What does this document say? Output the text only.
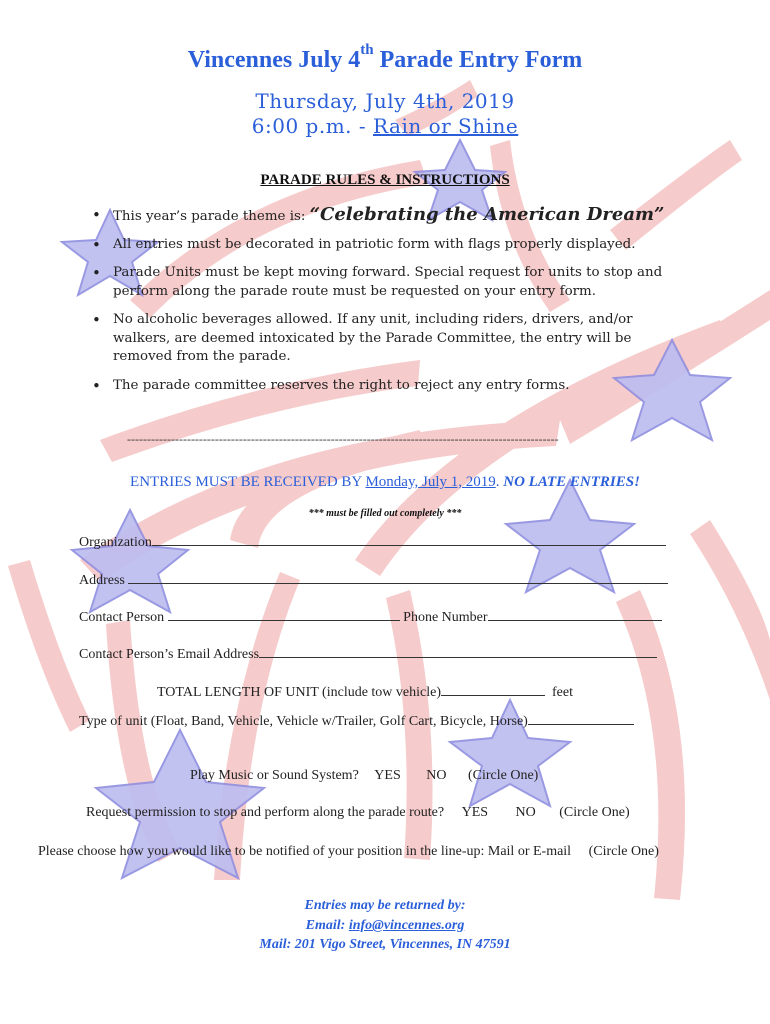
Vincennes July 4th Parade Entry Form
Thursday, July 4th, 2019
6:00 p.m. - Rain or Shine
PARADE RULES & INSTRUCTIONS
• This year’s parade theme is: “Celebrating the American Dream”
• All entries must be decorated in patriotic form with flags properly displayed.
• Parade Units must be kept moving forward. Special request for units to stop and perform along the parade route must be requested on your entry form.
• No alcoholic beverages allowed. If any unit, including riders, drivers, and/or walkers, are deemed intoxicated by the Parade Committee, the entry will be removed from the parade.
• The parade committee reserves the right to reject any entry forms.
------------------------------------------------------------------------------------------------------------
ENTRIES MUST BE RECEIVED BY Monday, July 1, 2019. NO LATE ENTRIES!
*** must be filled out completely ***
Organization
Address
Contact Person	Phone Number
Contact Person’s Email Address
TOTAL LENGTH OF UNIT (include tow vehicle)	feet
Type of unit (Float, Band, Vehicle, Vehicle w/Trailer, Golf Cart, Bicycle, Horse)
Play Music or Sound System? YES NO (Circle One)
Request permission to stop and perform along the parade route? YES NO (Circle One)
Please choose how you would like to be notified of your position in the line-up: Mail or E-mail (Circle One)
Entries may be returned by:
Email: info@vincennes.org
Mail: 201 Vigo Street, Vincennes, IN 47591
